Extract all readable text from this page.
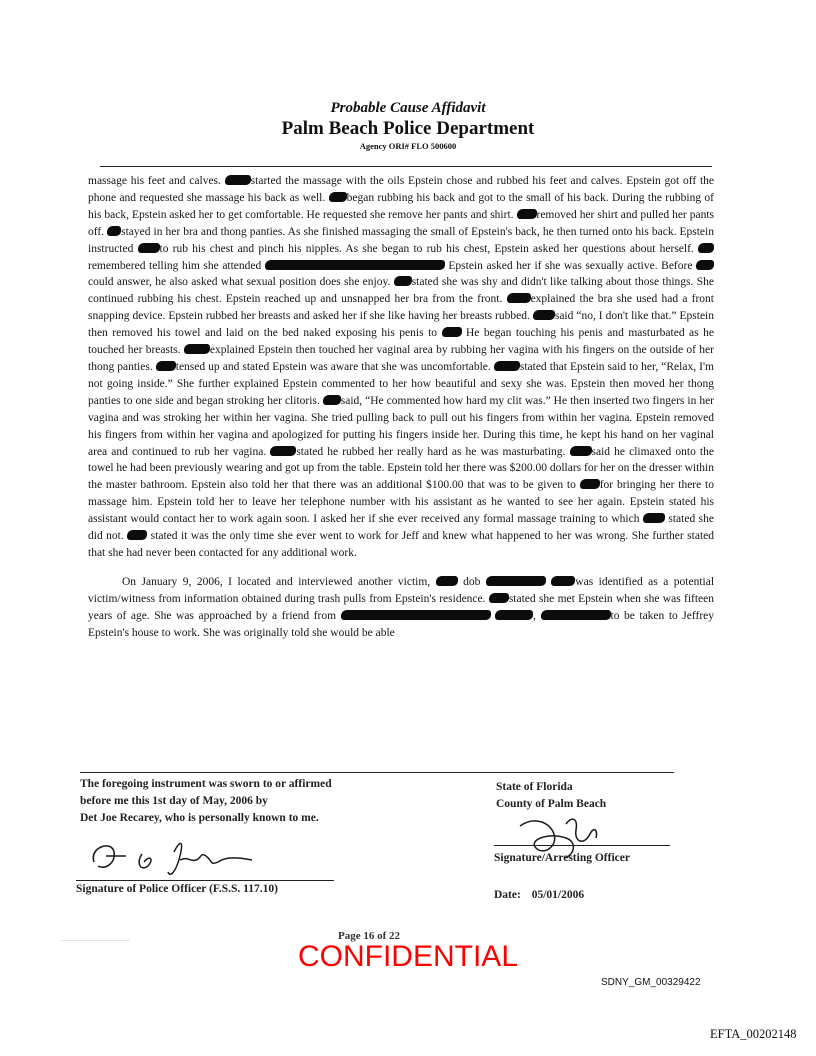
Probable Cause Affidavit
Palm Beach Police Department
Agency ORI# FLO 500600

massage his feet and calves. started the massage with the oils Epstein chose and rubbed his feet and calves. Epstein got off the phone and requested she massage his back as well. began rubbing his back and got to the small of his back. During the rubbing of his back, Epstein asked her to get comfortable. He requested she remove her pants and shirt. removed her shirt and pulled her pants off. stayed in her bra and thong panties. As she finished massaging the small of Epstein's back, he then turned onto his back. Epstein instructed to rub his chest and pinch his nipples. As she began to rub his chest, Epstein asked her questions about herself. remembered telling him she attended	Epstein asked her if she was sexually active. Before could answer, he also asked what sexual position does she enjoy. stated she was shy and didn't like talking about those things. She continued rubbing his chest. Epstein reached up and unsnapped her bra from the front. explained the bra she used had a front snapping device. Epstein rubbed her breasts and asked her if she like having her breasts rubbed. said “no, I don't like that.” Epstein then removed his towel and laid on the bed naked exposing his penis to  He began touching his penis and masturbated as he touched her breasts. explained Epstein then touched her vaginal area by rubbing her vagina with his fingers on the outside of her thong panties. tensed up and stated Epstein was aware that she was uncomfortable. stated that Epstein said to her, “Relax, I'm not going inside.” She further explained Epstein commented to her how beautiful and sexy she was. Epstein then moved her thong panties to one side and began stroking her clitoris. said, “He commented how hard my clit was.” He then inserted two fingers in her vagina and was stroking her within her vagina. She tried pulling back to pull out his fingers from within her vagina. Epstein removed his fingers from within her vagina and apologized for putting his fingers inside her. During this time, he kept his hand on her vaginal area and continued to rub her vagina. stated he rubbed her really hard as he was masturbating. said he climaxed onto the towel he had been previously wearing and got up from the table. Epstein told her there was $200.00 dollars for her on the dresser within the master bathroom. Epstein also told her that there was an additional $100.00 that was to be given to for bringing her there to massage him. Epstein told her to leave her telephone number with his assistant as he wanted to see her again. Epstein stated his assistant would contact her to work again soon. I asked her if she ever received any formal massage training to which  stated she did not.  stated it was the only time she ever went to work for Jeff and knew what happened to her was wrong. She further stated that she had never been contacted for any additional work.

On January 9, 2006, I located and interviewed another victim,  dob	was identified as a potential victim/witness from information obtained during trash pulls from Epstein's residence. stated she met Epstein when she was fifteen years of age. She was approached by a friend from	,	to be taken to Jeffrey Epstein's house to work. She was originally told she would be able

The foregoing instrument was sworn to or affirmed
before me this 1st day of May, 2006 by
Det Joe Recarey, who is personally known to me.
State of Florida
County of Palm Beach
Signature of Police Officer (F.S.S. 117.10)
Signature/Arresting Officer
Date: 05/01/2006
Page 16 of 22
CONFIDENTIAL
SDNY_GM_00329422
EFTA_00202148
